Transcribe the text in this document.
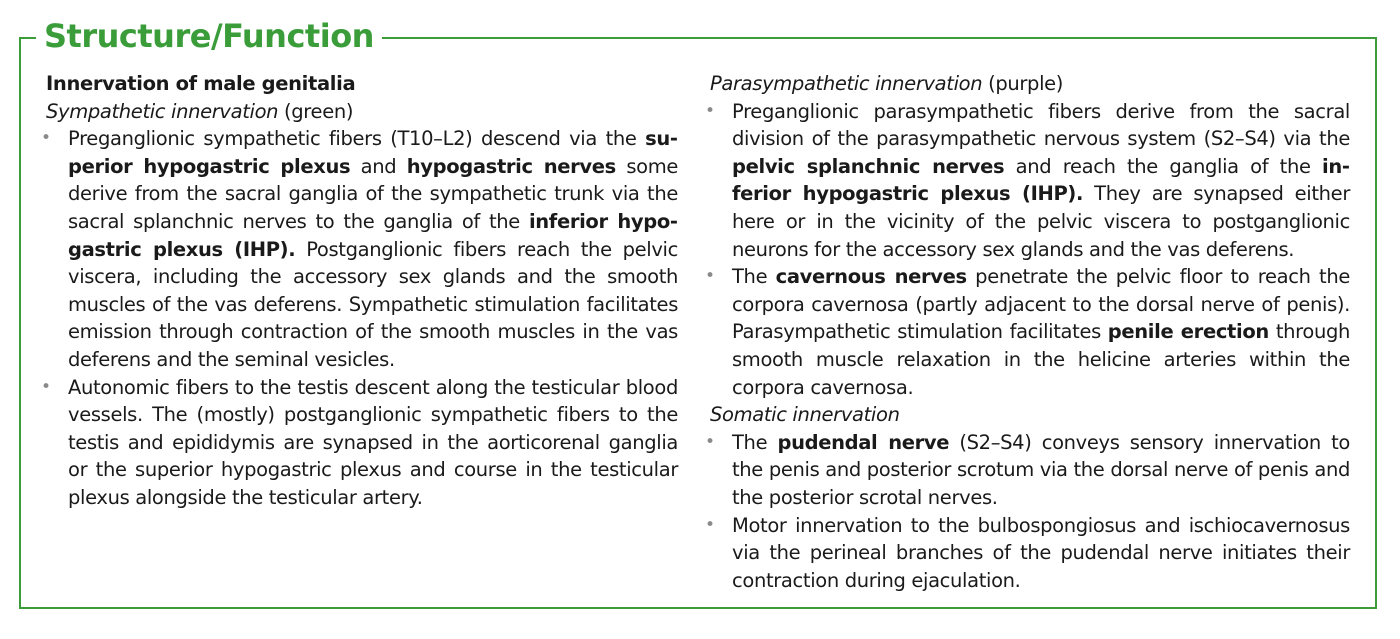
Structure/Function
Innervation of male genitalia
Sympathetic innervation (green)
• Preganglionic sympathetic fibers (T10–L2) descend via the superior hypogastric plexus and hypogastric nerves some derive from the sacral ganglia of the sympathetic trunk via the sacral splanchnic nerves to the ganglia of the inferior hypogastric plexus (IHP). Postganglionic fibers reach the pelvic viscera, including the accessory sex glands and the smooth muscles of the vas deferens. Sympathetic stimulation facilitates emission through contraction of the smooth muscles in the vas deferens and the seminal vesicles.
• Autonomic fibers to the testis descent along the testicular blood vessels. The (mostly) postganglionic sympathetic fibers to the testis and epididymis are synapsed in the aorticorenal ganglia or the superior hypogastric plexus and course in the testicular plexus alongside the testicular artery.
Parasympathetic innervation (purple)
• Preganglionic parasympathetic fibers derive from the sacral division of the parasympathetic nervous system (S2–S4) via the pelvic splanchnic nerves and reach the ganglia of the inferior hypogastric plexus (IHP). They are synapsed either here or in the vicinity of the pelvic viscera to postganglionic neurons for the accessory sex glands and the vas deferens.
• The cavernous nerves penetrate the pelvic floor to reach the corpora cavernosa (partly adjacent to the dorsal nerve of penis). Parasympathetic stimulation facilitates penile erection through smooth muscle relaxation in the helicine arteries within the corpora cavernosa.
Somatic innervation
• The pudendal nerve (S2–S4) conveys sensory innervation to the penis and posterior scrotum via the dorsal nerve of penis and the posterior scrotal nerves.
• Motor innervation to the bulbospongiosus and ischiocavernosus via the perineal branches of the pudendal nerve initiates their contraction during ejaculation.
